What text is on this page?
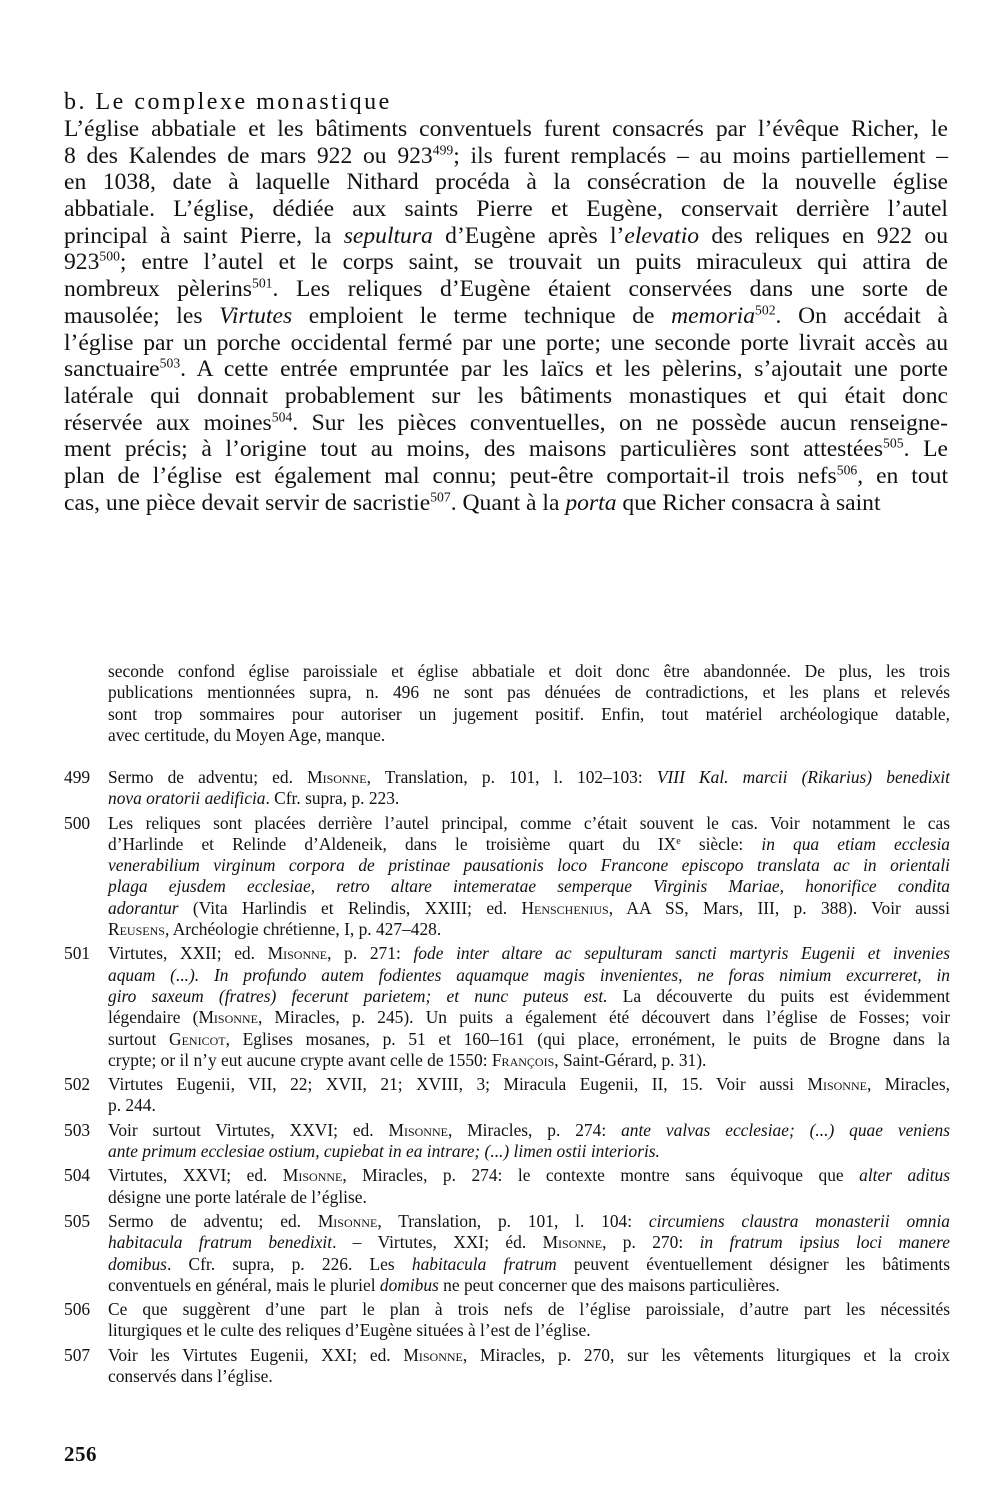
b. Le complexe monastique
L’église abbatiale et les bâtiments conventuels furent consacrés par l’évêque Richer, le
8 des Kalendes de mars 922 ou $923^{499}$; ils furent remplacés – au moins partiellement –
en 1038, date à laquelle Nithard procéda à la consécration de la nouvelle église
abbatiale. L’église, dédiée aux saints Pierre et Eugène, conservait derrière l’autel
principal à saint Pierre, la sepultura d’Eugène après l’elevatio des reliques en 922 ou
$923^{500}$; entre l’autel et le corps saint, se trouvait un puits miraculeux qui attira de
nombreux pèlerins$^{501}$. Les reliques d’Eugène étaient conservées dans une sorte de
mausolée; les Virtutes emploient le terme technique de memoria$^{502}$. On accédait à
l’église par un porche occidental fermé par une porte; une seconde porte livrait accès au
sanctuaire$^{503}$. A cette entrée empruntée par les laïcs et les pèlerins, s’ajoutait une porte
latérale qui donnait probablement sur les bâtiments monastiques et qui était donc
réservée aux moines$^{504}$. Sur les pièces conventuelles, on ne possède aucun renseigne-
ment précis; à l’origine tout au moins, des maisons particulières sont attestées$^{505}$. Le
plan de l’église est également mal connu; peut-être comportait-il trois nefs$^{506}$, en tout
cas, une pièce devait servir de sacristie$^{507}$. Quant à la porta que Richer consacra à saint
seconde confond église paroissiale et église abbatiale et doit donc être abandonnée. De plus, les trois
publications mentionnées supra, n. 496 ne sont pas dénuées de contradictions, et les plans et relevés
sont trop sommaires pour autoriser un jugement positif. Enfin, tout matériel archéologique datable,
avec certitude, du Moyen Age, manque.
499	Sermo de adventu; ed. Misonne, Translation, p. 101, l. 102–103: VIII Kal. marcii (Rikarius) benedixit
nova oratorii aedificia. Cfr. supra, p. 223.
500	Les reliques sont placées derrière l’autel principal, comme c’était souvent le cas. Voir notamment le cas
d’Harlinde et Relinde d’Aldeneik, dans le troisième quart du IXe siècle: in qua etiam ecclesia
venerabilium virginum corpora de pristinae pausationis loco Francone episcopo translata ac in orientali
plaga ejusdem ecclesiae, retro altare intemeratae semperque Virginis Mariae, honorifice condita
adorantur (Vita Harlindis et Relindis, XXIII; ed. Henschenius, AA SS, Mars, III, p. 388). Voir aussi
Reusens, Archéologie chrétienne, I, p. 427–428.
501	Virtutes, XXII; ed. Misonne, p. 271: fode inter altare ac sepulturam sancti martyris Eugenii et invenies
aquam (...). In profundo autem fodientes aquamque magis invenientes, ne foras nimium excurreret, in
giro saxeum (fratres) fecerunt parietem; et nunc puteus est. La découverte du puits est évidemment
légendaire (Misonne, Miracles, p. 245). Un puits a également été découvert dans l’église de Fosses; voir
surtout Genicot, Eglises mosanes, p. 51 et 160–161 (qui place, erronément, le puits de Brogne dans la
crypte; or il n’y eut aucune crypte avant celle de 1550: François, Saint-Gérard, p. 31).
502	Virtutes Eugenii, VII, 22; XVII, 21; XVIII, 3; Miracula Eugenii, II, 15. Voir aussi Misonne, Miracles,
p. 244.
503	Voir surtout Virtutes, XXVI; ed. Misonne, Miracles, p. 274: ante valvas ecclesiae; (...) quae veniens
ante primum ecclesiae ostium, cupiebat in ea intrare; (...) limen ostii interioris.
504	Virtutes, XXVI; ed. Misonne, Miracles, p. 274: le contexte montre sans équivoque que alter aditus
désigne une porte latérale de l’église.
505	Sermo de adventu; ed. Misonne, Translation, p. 101, l. 104: circumiens claustra monasterii omnia
habitacula fratrum benedixit. – Virtutes, XXI; éd. Misonne, p. 270: in fratrum ipsius loci manere
domibus. Cfr. supra, p. 226. Les habitacula fratrum peuvent éventuellement désigner les bâtiments
conventuels en général, mais le pluriel domibus ne peut concerner que des maisons particulières.
506	Ce que suggèrent d’une part le plan à trois nefs de l’église paroissiale, d’autre part les nécessités
liturgiques et le culte des reliques d’Eugène situées à l’est de l’église.
507	Voir les Virtutes Eugenii, XXI; ed. Misonne, Miracles, p. 270, sur les vêtements liturgiques et la croix
conservés dans l’église.
256
